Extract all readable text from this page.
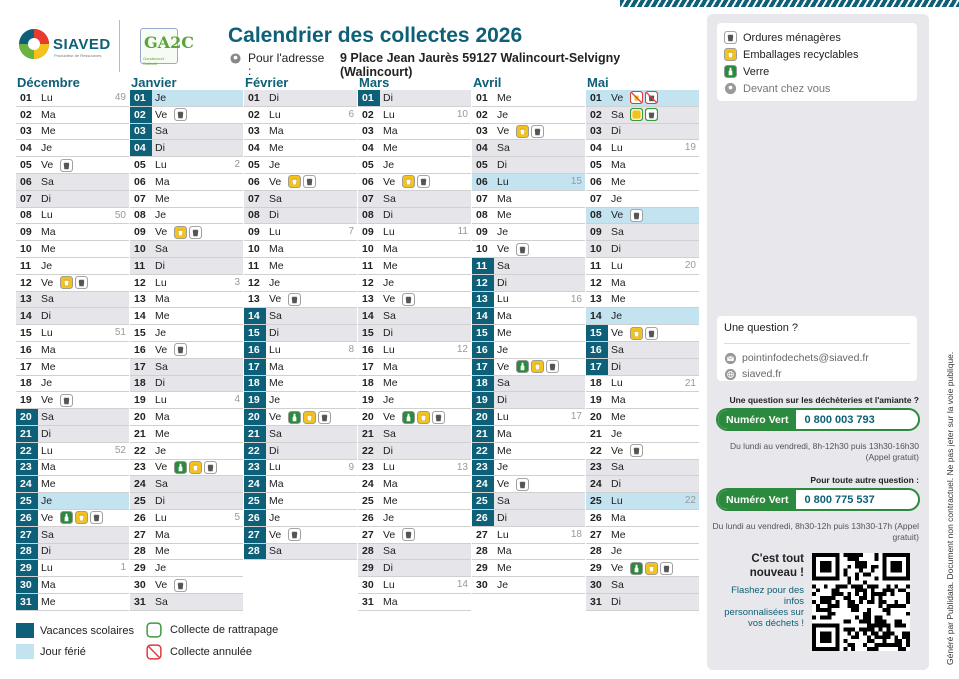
SIAVED
Producteur de Ressources
GA2C
Gondecourt Collectif
Calendrier des collectes 2026
Pour l'adresse :
9 Place Jean Jaurès 59127 Walincourt-Selvigny (Walincourt)
Décembre
01 Lu	49
02 Ma
03 Me
04 Je
05 Ve
06 Sa
07 Di
08 Lu	50
09 Ma
10 Me
11 Je
12 Ve
13 Sa
14 Di
15 Lu	51
16 Ma
17 Me
18 Je
19 Ve
20 Sa
21 Di
22 Lu	52
23 Ma
24 Me
25 Je
26 Ve
27 Sa
28 Di
29 Lu	1
30 Ma
31 Me
Janvier
01 Je
02 Ve
03 Sa
04 Di
05 Lu	2
06 Ma
07 Me
08 Je
09 Ve
10 Sa
11 Di
12 Lu	3
13 Ma
14 Me
15 Je
16 Ve
17 Sa
18 Di
19 Lu	4
20 Ma
21 Me
22 Je
23 Ve
24 Sa
25 Di
26 Lu	5
27 Ma
28 Me
29 Je
30 Ve
31 Sa
Février
01 Di
02 Lu	6
03 Ma
04 Me
05 Je
06 Ve
07 Sa
08 Di
09 Lu	7
10 Ma
11 Me
12 Je
13 Ve
14 Sa
15 Di
16 Lu	8
17 Ma
18 Me
19 Je
20 Ve
21 Sa
22 Di
23 Lu	9
24 Ma
25 Me
26 Je
27 Ve
28 Sa
Mars
01 Di
02 Lu	10
03 Ma
04 Me
05 Je
06 Ve
07 Sa
08 Di
09 Lu	11
10 Ma
11 Me
12 Je
13 Ve
14 Sa
15 Di
16 Lu	12
17 Ma
18 Me
19 Je
20 Ve
21 Sa
22 Di
23 Lu	13
24 Ma
25 Me
26 Je
27 Ve
28 Sa
29 Di
30 Lu	14
31 Ma
Avril
01 Me
02 Je
03 Ve
04 Sa
05 Di
06 Lu	15
07 Ma
08 Me
09 Je
10 Ve
11 Sa
12 Di
13 Lu	16
14 Ma
15 Me
16 Je
17 Ve
18 Sa
19 Di
20 Lu	17
21 Ma
22 Me
23 Je
24 Ve
25 Sa
26 Di
27 Lu	18
28 Ma
29 Me
30 Je
Mai
01 Ve
02 Sa
03 Di
04 Lu	19
05 Ma
06 Me
07 Je
08 Ve
09 Sa
10 Di
11 Lu	20
12 Ma
13 Me
14 Je
15 Ve
16 Sa
17 Di
18 Lu	21
19 Ma
20 Me
21 Je
22 Ve
23 Sa
24 Di
25 Lu	22
26 Ma
27 Me
28 Je
29 Ve
30 Sa
31 Di
Vacances scolaires
Jour férié
Collecte de rattrapage
Collecte annulée
Ordures ménagères
Emballages recyclables
Verre
Devant chez vous
Une question ?
pointinfodechets@siaved.fr
siaved.fr
Une question sur les déchèteries et l'amiante ?
Numéro Vert	0 800 003 793
Du lundi au vendredi, 8h-12h30 puis 13h30-16h30 (Appel gratuit)
Pour toute autre question :
Numéro Vert	0 800 775 537
Du lundi au vendredi, 8h30-12h puis 13h30-17h (Appel gratuit)
C'est tout nouveau !
Flashez pour des infos personnalisées sur vos déchets !	Généré par Publidata. Document non contractuel. Ne pas jeter sur la voie publique.
